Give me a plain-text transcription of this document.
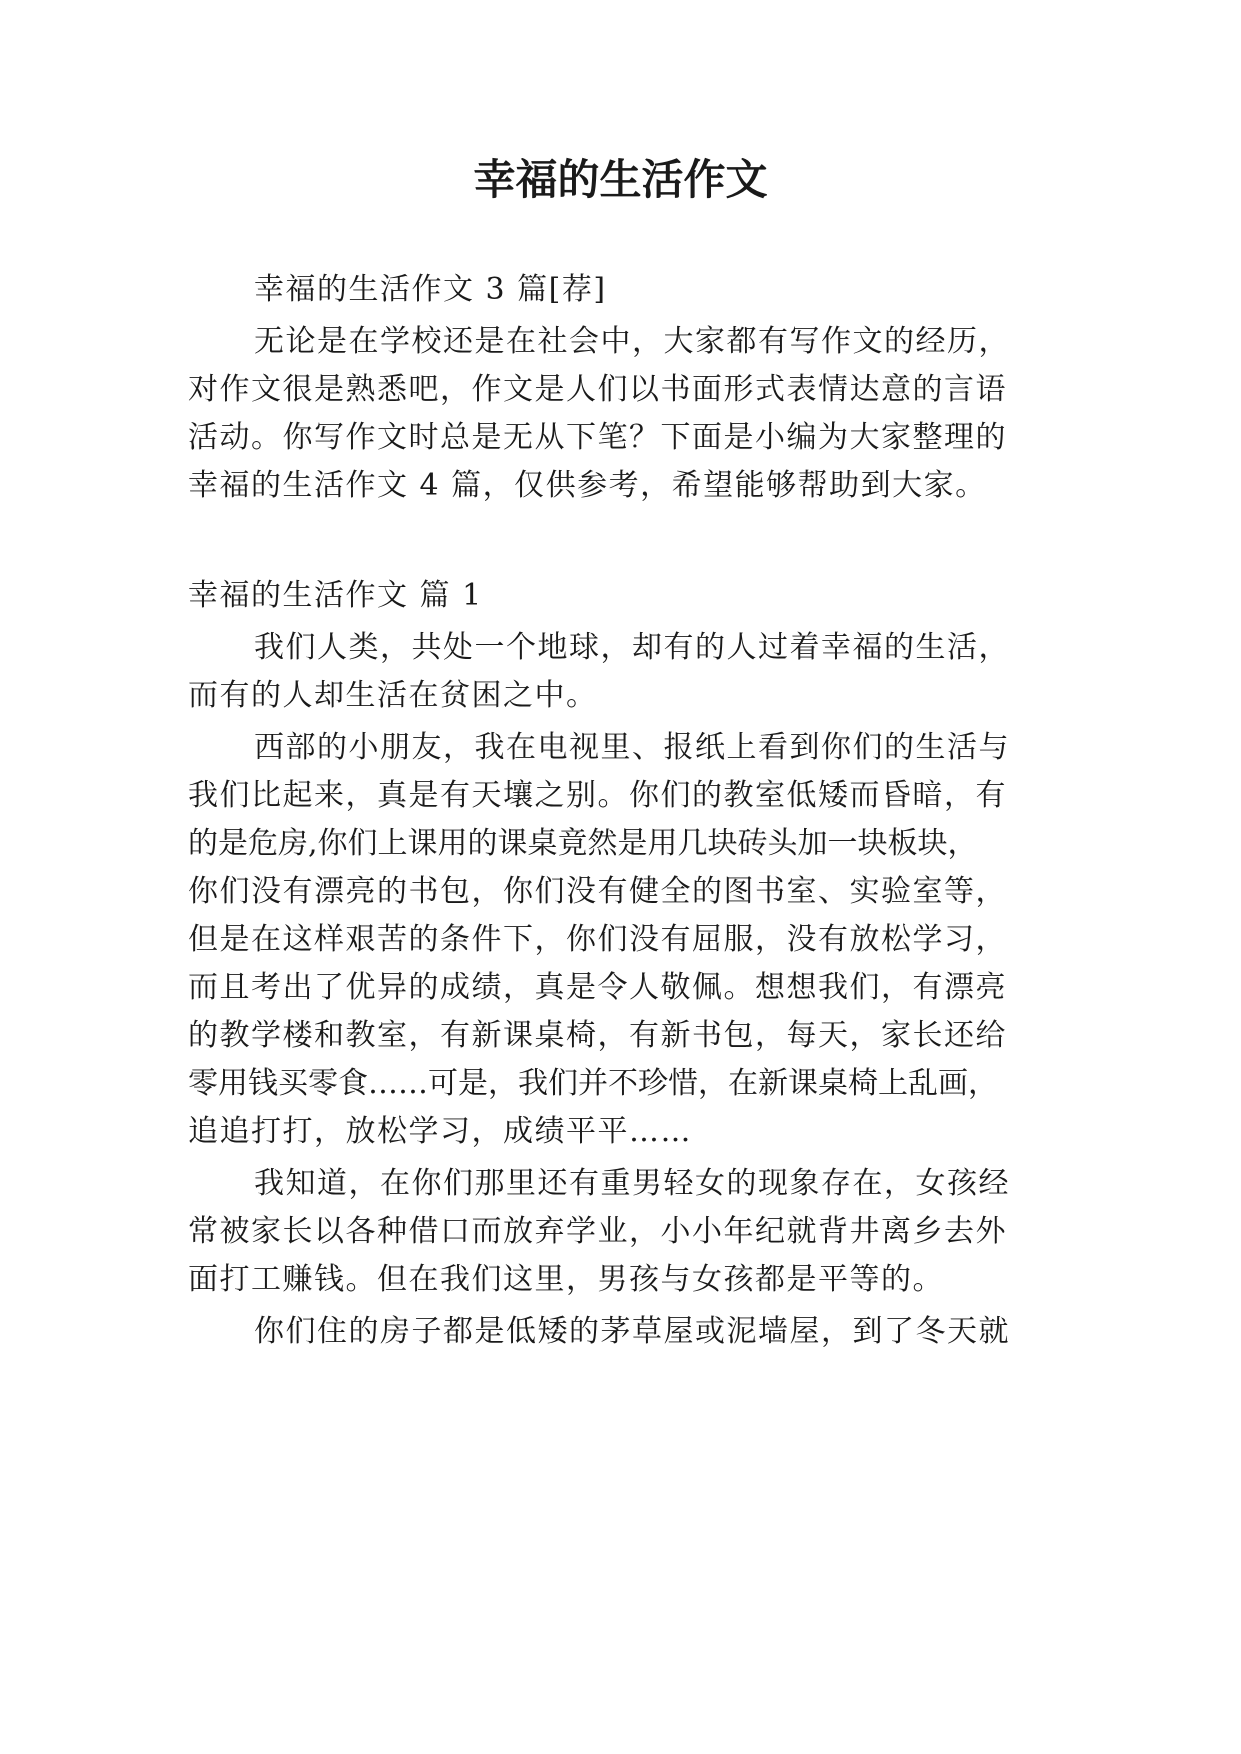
幸福的生活作文
幸福的生活作文 3 篇[荐]
无论是在学校还是在社会中，大家都有写作文的经历，
对作文很是熟悉吧，作文是人们以书面形式表情达意的言语
活动。你写作文时总是无从下笔？下面是小编为大家整理的
幸福的生活作文 4 篇，仅供参考，希望能够帮助到大家。
幸福的生活作文 篇 1
我们人类，共处一个地球，却有的人过着幸福的生活，
而有的人却生活在贫困之中。
西部的小朋友，我在电视里、报纸上看到你们的生活与
我们比起来，真是有天壤之别。你们的教室低矮而昏暗，有
的是危房,你们上课用的课桌竟然是用几块砖头加一块板块，
你们没有漂亮的书包，你们没有健全的图书室、实验室等，
但是在这样艰苦的条件下，你们没有屈服，没有放松学习，
而且考出了优异的成绩，真是令人敬佩。想想我们，有漂亮
的教学楼和教室，有新课桌椅，有新书包，每天，家长还给
零用钱买零食……可是，我们并不珍惜，在新课桌椅上乱画，
追追打打，放松学习，成绩平平……
我知道，在你们那里还有重男轻女的现象存在，女孩经
常被家长以各种借口而放弃学业，小小年纪就背井离乡去外
面打工赚钱。但在我们这里，男孩与女孩都是平等的。
你们住的房子都是低矮的茅草屋或泥墙屋，到了冬天就
